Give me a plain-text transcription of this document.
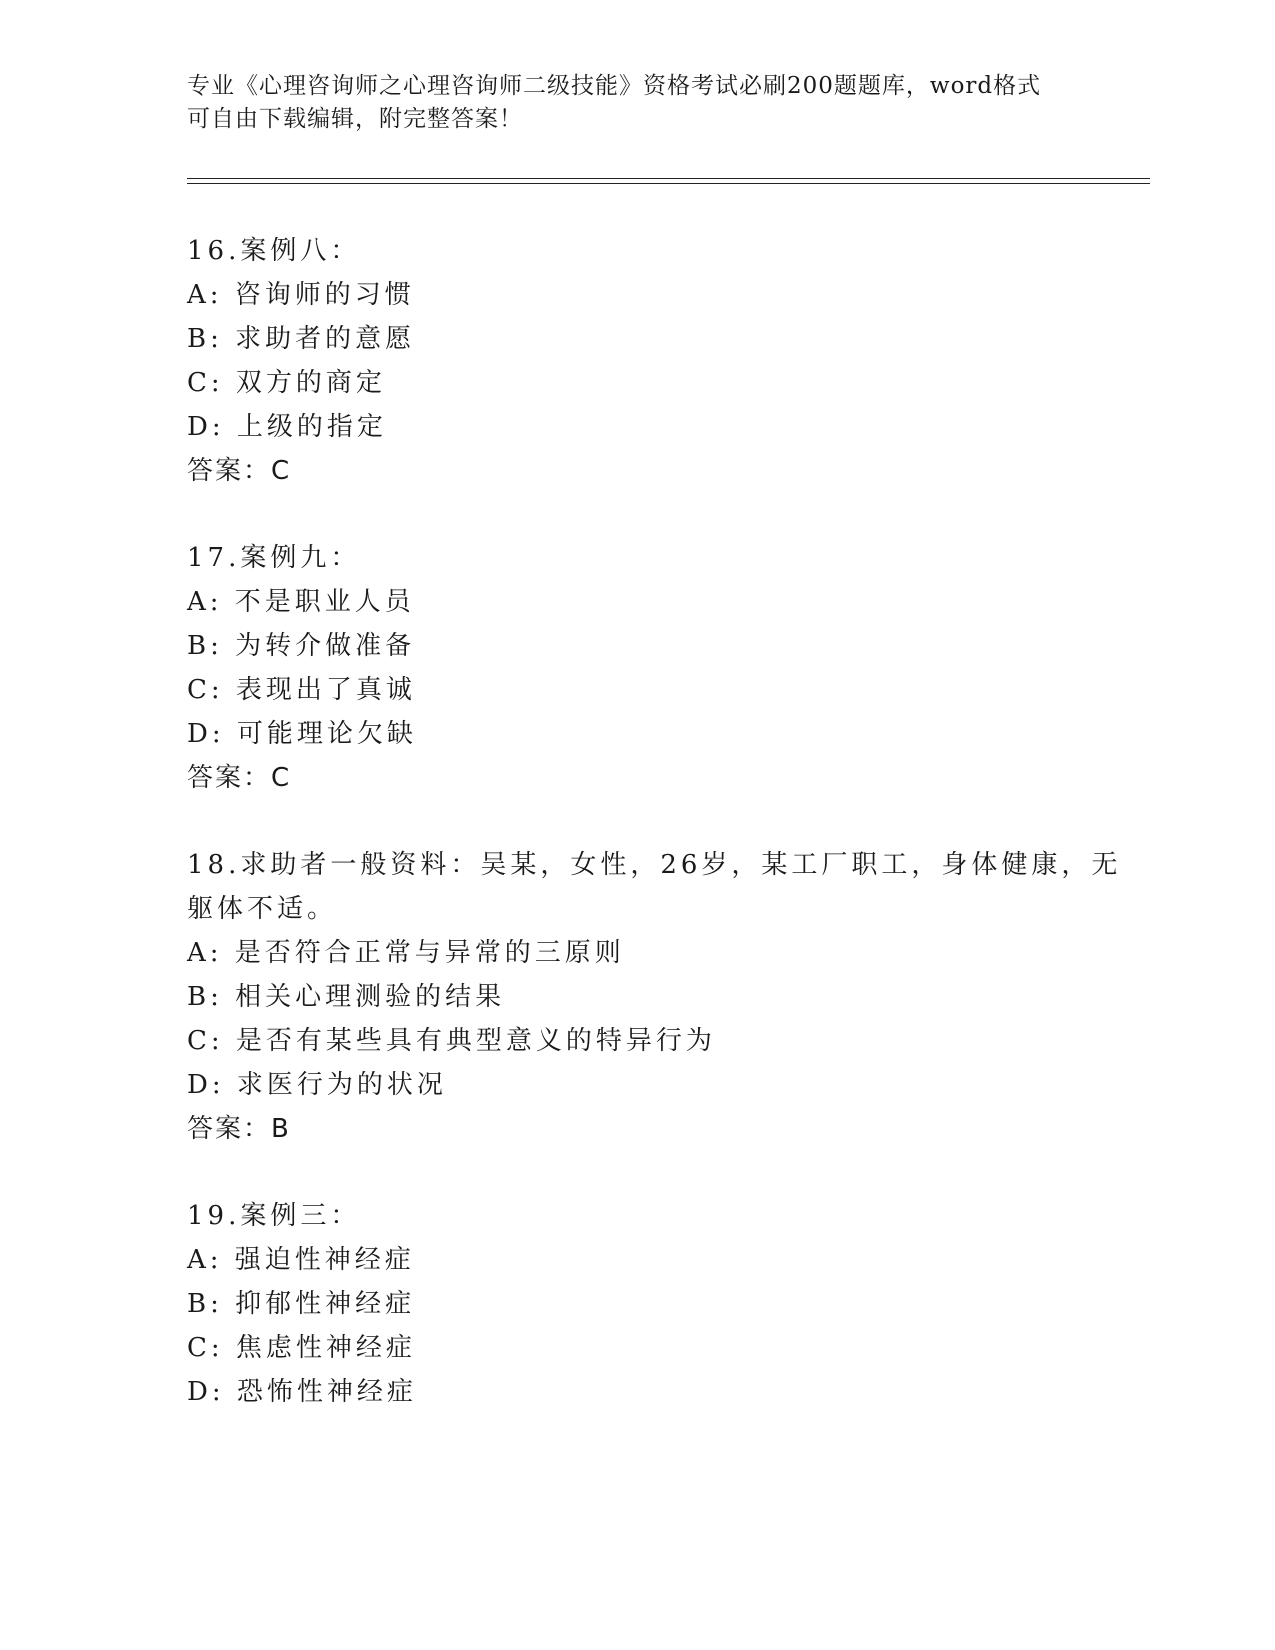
专业《心理咨询师之心理咨询师二级技能》资格考试必刷200题题库，word格式
可自由下载编辑，附完整答案！
16.案例八：
A: 咨询师的习惯
B: 求助者的意愿
C: 双方的商定
D: 上级的指定
答案：C
17.案例九：
A: 不是职业人员
B: 为转介做准备
C: 表现出了真诚
D: 可能理论欠缺
答案：C
18.求助者一般资料：吴某，女性，26岁，某工厂职工，身体健康，无
躯体不适。
A: 是否符合正常与异常的三原则
B: 相关心理测验的结果
C: 是否有某些具有典型意义的特异行为
D: 求医行为的状况
答案：B
19.案例三：
A: 强迫性神经症
B: 抑郁性神经症
C: 焦虑性神经症
D: 恐怖性神经症
